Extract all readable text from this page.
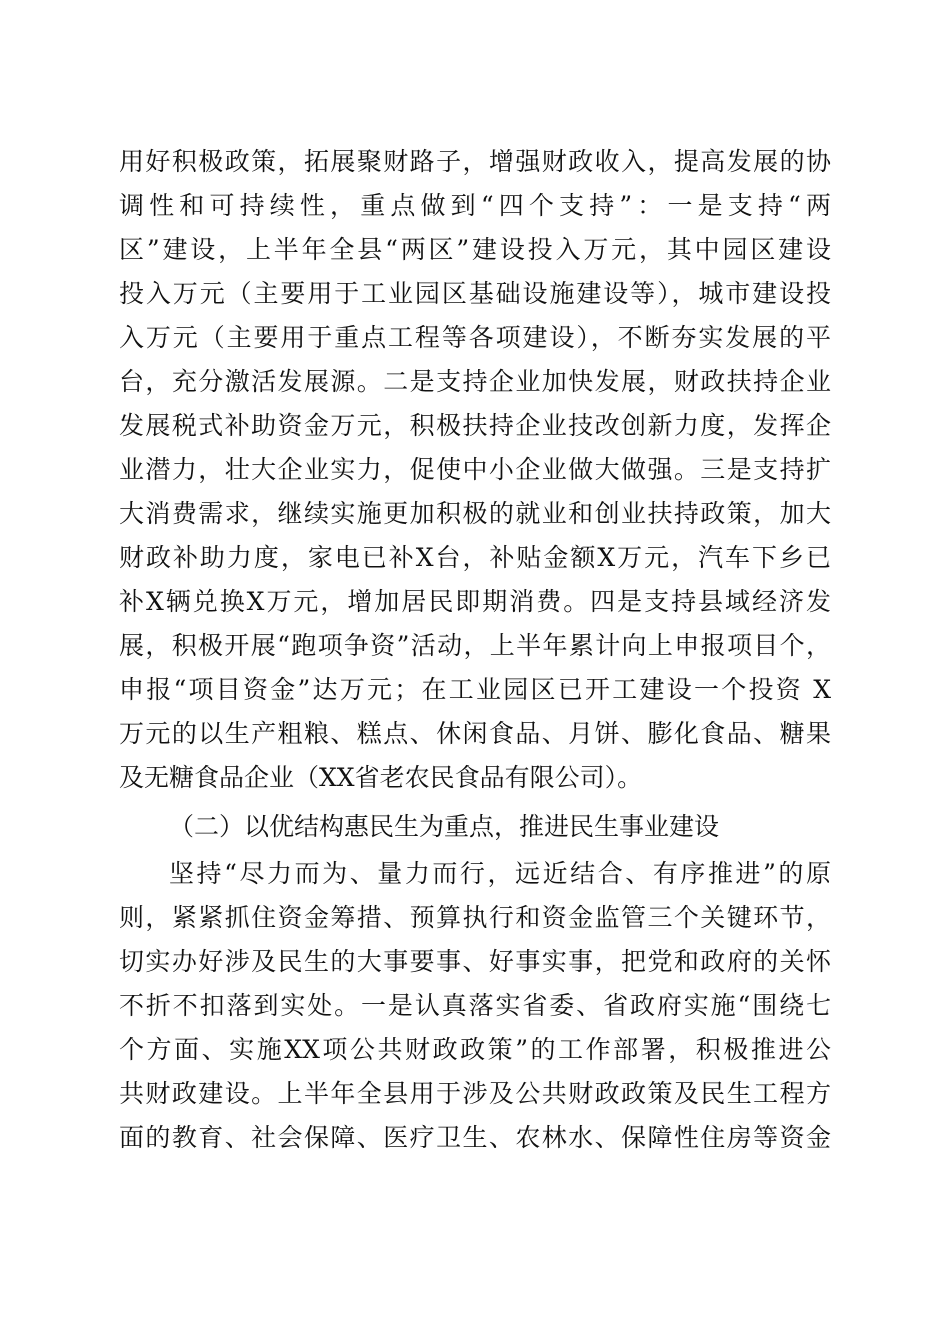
用好积极政策，拓展聚财路子，增强财政收入，提高发展的协
调性和可持续性，重点做到“四个支持”：一是支持“两
区”建设，上半年全县“两区”建设投入万元，其中园区建设
投入万元（主要用于工业园区基础设施建设等），城市建设投
入万元（主要用于重点工程等各项建设），不断夯实发展的平
台，充分激活发展源。二是支持企业加快发展，财政扶持企业
发展税式补助资金万元，积极扶持企业技改创新力度，发挥企
业潜力，壮大企业实力，促使中小企业做大做强。三是支持扩
大消费需求，继续实施更加积极的就业和创业扶持政策，加大
财政补助力度，家电已补X台，补贴金额X万元，汽车下乡已
补X辆兑换X万元，增加居民即期消费。四是支持县域经济发
展，积极开展“跑项争资”活动，上半年累计向上申报项目个，
申报“项目资金”达万元；在工业园区已开工建设一个投资 X
万元的以生产粗粮、糕点、休闲食品、月饼、膨化食品、糖果
及无糖食品企业（XX省老农民食品有限公司）。
（二）以优结构惠民生为重点，推进民生事业建设
坚持“尽力而为、量力而行，远近结合、有序推进”的原
则，紧紧抓住资金筹措、预算执行和资金监管三个关键环节，
切实办好涉及民生的大事要事、好事实事，把党和政府的关怀
不折不扣落到实处。一是认真落实省委、省政府实施“围绕七
个方面、实施XX项公共财政政策”的工作部署，积极推进公
共财政建设。上半年全县用于涉及公共财政政策及民生工程方
面的教育、社会保障、医疗卫生、农林水、保障性住房等资金
